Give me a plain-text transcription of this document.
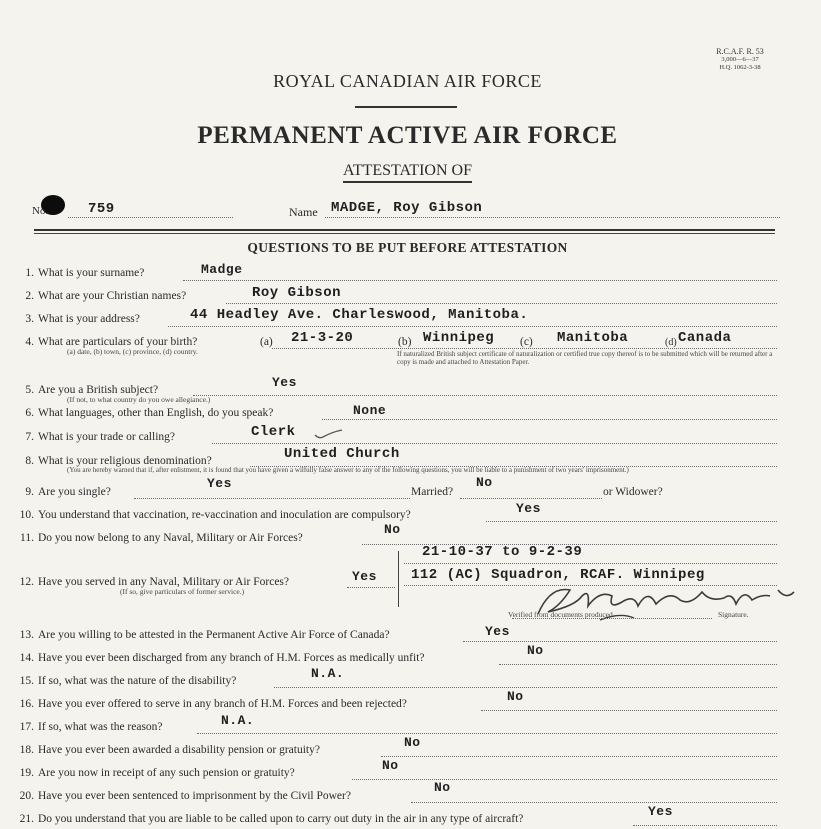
R.C.A.F. R. 53
3,000—6—37
H.Q. 1062-3-38
ROYAL CANADIAN AIR FORCE
PERMANENT ACTIVE AIR FORCE
ATTESTATION OF
No.	759	Name MADGE, Roy Gibson
QUESTIONS TO BE PUT BEFORE ATTESTATION
1. What is your surname?	Madge
2. What are your Christian names?	Roy Gibson
3. What is your address?	44 Headley Ave. Charleswood, Manitoba.
4. What are particulars of your birth?
(a) date, (b) town, (c) province, (d) country.
(a) 21-3-20	(b) Winnipeg (c) Manitoba	(d) Canada
If naturalized British subject certificate of naturalization or certified true copy thereof is to be submitted which will be returned after a copy is made and attached to Attestation Paper.
5. Are you a British subject?
(If not, to what country do you owe allegiance.)
Yes
6. What languages, other than English, do you speak?	None
7. What is your trade or calling?	Clerk
8. What is your religious denomination?	United Church
(You are hereby warned that if, after enlistment, it is found that you have given a wilfully false answer to any of the following questions, you will be liable to a punishment of two years' imprisonment.)
9. Are you single?
Yes
Married?
No
or Widower?
10. You understand that vaccination, re-vaccination and inoculation are compulsory?	Yes
11. Do you now belong to any Naval, Military or Air Forces?
No
12. Have you served in any Naval, Military or Air Forces?
(If so, give particulars of former service.)
Yes
21-10-37 to 9-2-39
112 (AC) Squadron, RCAF. Winnipeg
Verified from documents produced.	Signature.
13. Are you willing to be attested in the Permanent Active Air Force of Canada?	Yes
14. Have you ever been discharged from any branch of H.M. Forces as medically unfit?	No
15. If so, what was the nature of the disability?	N.A.
16. Have you ever offered to serve in any branch of H.M. Forces and been rejected?	No
17. If so, what was the reason?	N.A.
18. Have you ever been awarded a disability pension or gratuity?	No
19. Are you now in receipt of any such pension or gratuity?	No
20. Have you ever been sentenced to imprisonment by the Civil Power?
No
21. Do you understand that you are liable to be called upon to carry out duty in the air in any type of aircraft?	Yes
